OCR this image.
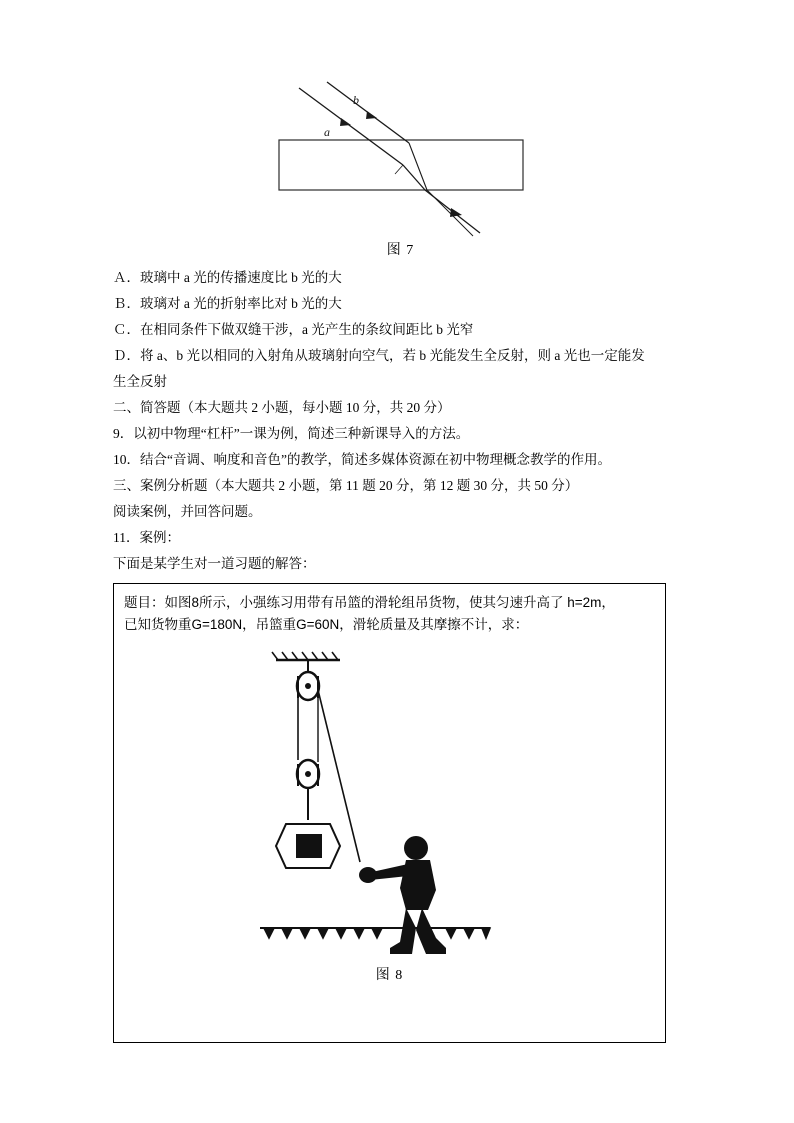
a
b
图 7

Ａ．玻璃中 a 光的传播速度比 b 光的大

Ｂ．玻璃对 a 光的折射率比对 b 光的大

Ｃ．在相同条件下做双缝干涉，a 光产生的条纹间距比 b 光窄

Ｄ．将 a、b 光以相同的入射角从玻璃射向空气，若 b 光能发生全反射，则 a 光也一定能发

生全反射

二、简答题（本大题共 2 小题，每小题 10 分，共 20 分）

9．以初中物理“杠杆”一课为例，简述三种新课导入的方法。

10．结合“音调、响度和音色”的教学，简述多媒体资源在初中物理概念教学的作用。

三、案例分析题（本大题共 2 小题，第 11 题 20 分，第 12 题 30 分，共 50 分）

阅读案例，并回答问题。

11．案例：

下面是某学生对一道习题的解答：

题目：如图8所示，小强练习用带有吊篮的滑轮组吊货物，使其匀速升高了 h=2m，
已知货物重G=180N，吊篮重G=60N，滑轮质量及其摩擦不计，求：
图 8
